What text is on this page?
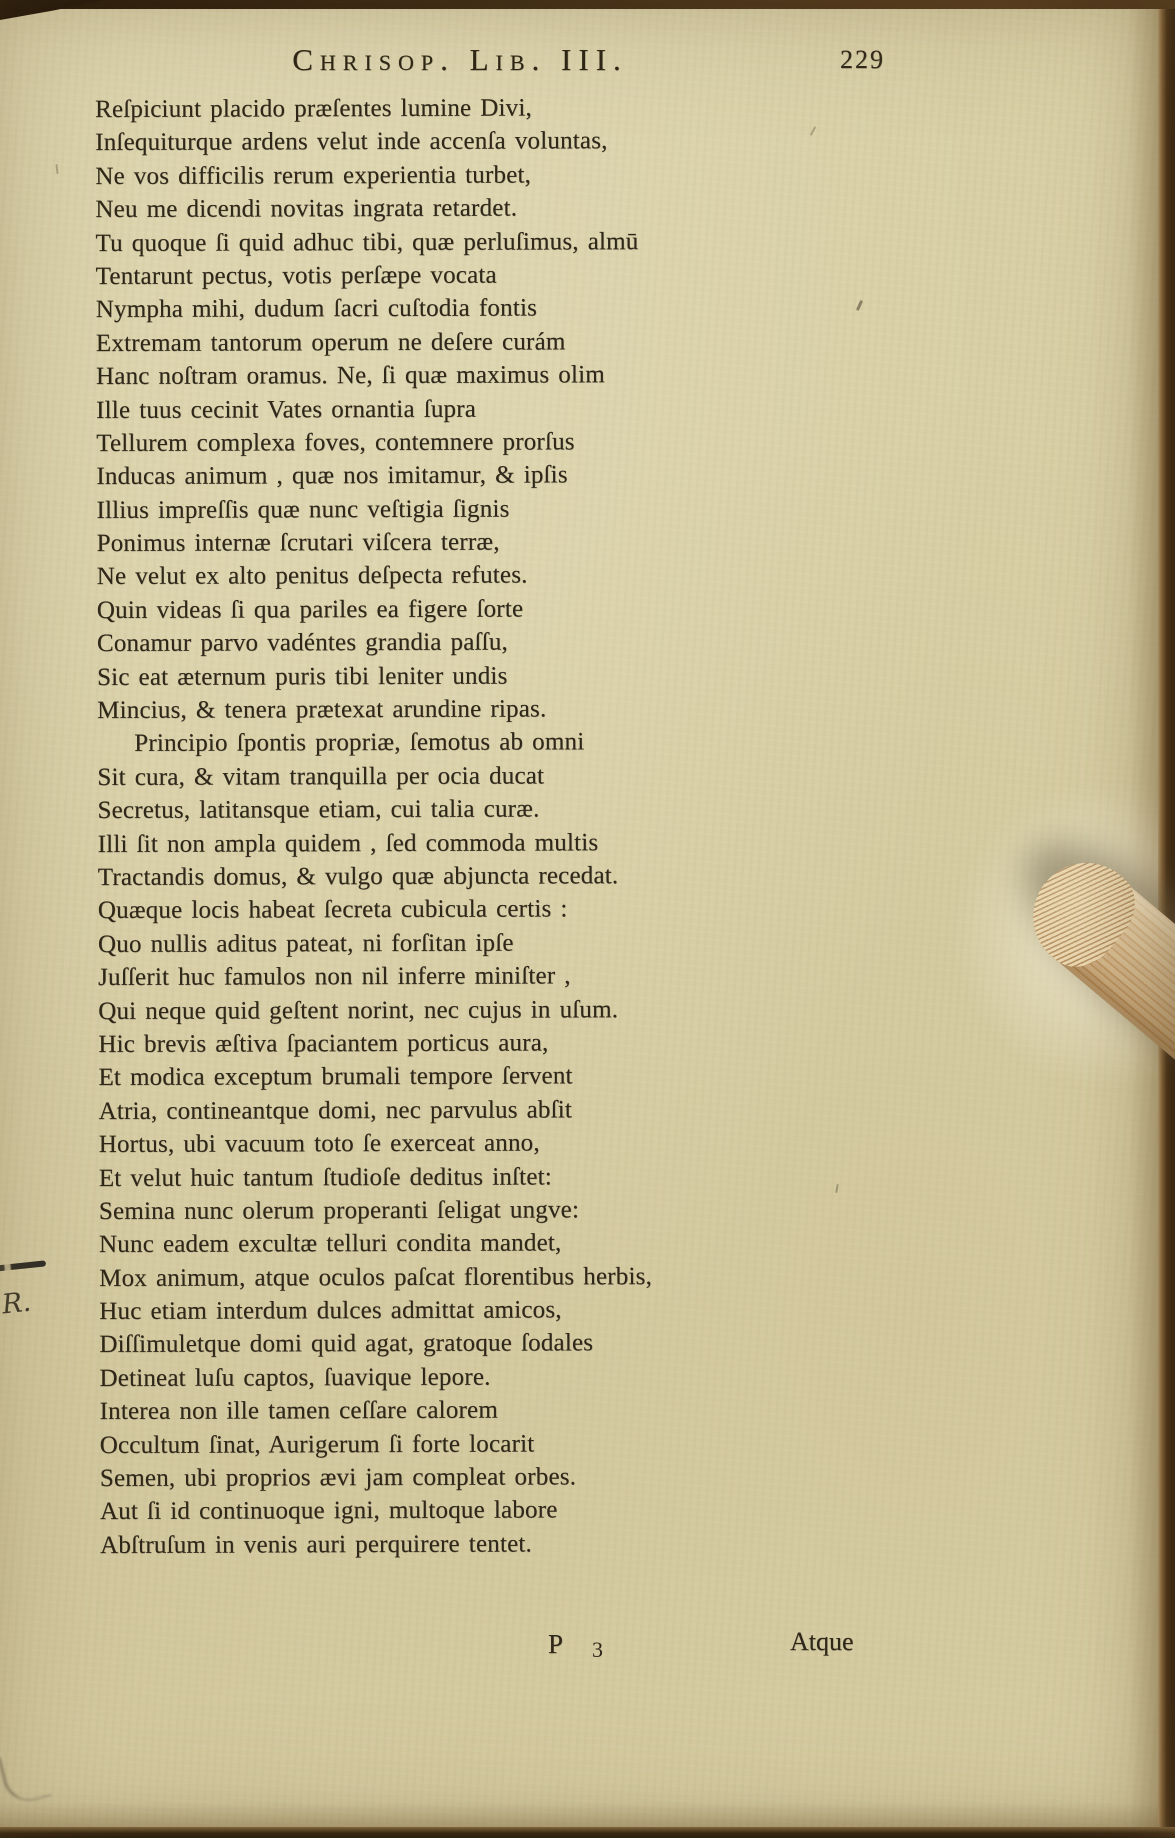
Chrisop. Lib. III.	229
Reſpiciunt placido præſentes lumine Divi,
Inſequiturque ardens velut inde accenſa voluntas,
Ne vos difficilis rerum experientia turbet,
Neu me dicendi novitas ingrata retardet.
Tu quoque ſi quid adhuc tibi, quæ perluſimus, almū
Tentarunt pectus, votis perſæpe vocata
Nympha mihi, dudum ſacri cuſtodia fontis
Extremam tantorum operum ne deſere curám
Hanc noſtram oramus. Ne, ſi quæ maximus olim
Ille tuus cecinit Vates ornantia ſupra
Tellurem complexa foves, contemnere prorſus
Inducas animum , quæ nos imitamur, & ipſis
Illius impreſſis quæ nunc veſtigia ſignis
Ponimus internæ ſcrutari viſcera terræ,
Ne velut ex alto penitus deſpecta refutes.
Quin videas ſi qua pariles ea figere ſorte
Conamur parvo vadéntes grandia paſſu,
Sic eat æternum puris tibi leniter undis
Mincius, & tenera prætexat arundine ripas.
Principio ſpontis propriæ, ſemotus ab omni
Sit cura, & vitam tranquilla per ocia ducat
Secretus, latitansque etiam, cui talia curæ.
Illi ſit non ampla quidem , ſed commoda multis
Tractandis domus, & vulgo quæ abjuncta recedat.
Quæque locis habeat ſecreta cubicula certis :
Quo nullis aditus pateat, ni forſitan ipſe
Juſſerit huc famulos non nil inferre miniſter ,
Qui neque quid geſtent norint, nec cujus in uſum.
Hic brevis æſtiva ſpaciantem porticus aura,
Et modica exceptum brumali tempore ſervent
Atria, contineantque domi, nec parvulus abſit
Hortus, ubi vacuum toto ſe exerceat anno,
Et velut huic tantum ſtudioſe deditus inſtet:
Semina nunc olerum properanti ſeligat ungve:
Nunc eadem excultæ telluri condita mandet,
Mox animum, atque oculos paſcat florentibus herbis,
Huc etiam interdum dulces admittat amicos,
Diſſimuletque domi quid agat, gratoque ſodales
Detineat luſu captos, ſuavique lepore.
Interea non ille tamen ceſſare calorem
Occultum ſinat, Aurigerum ſi forte locarit
Semen, ubi proprios ævi jam compleat orbes.
Aut ſi id continuoque igni, multoque labore
Abſtruſum in venis auri perquirere tentet.
P 3	Atque
R.
